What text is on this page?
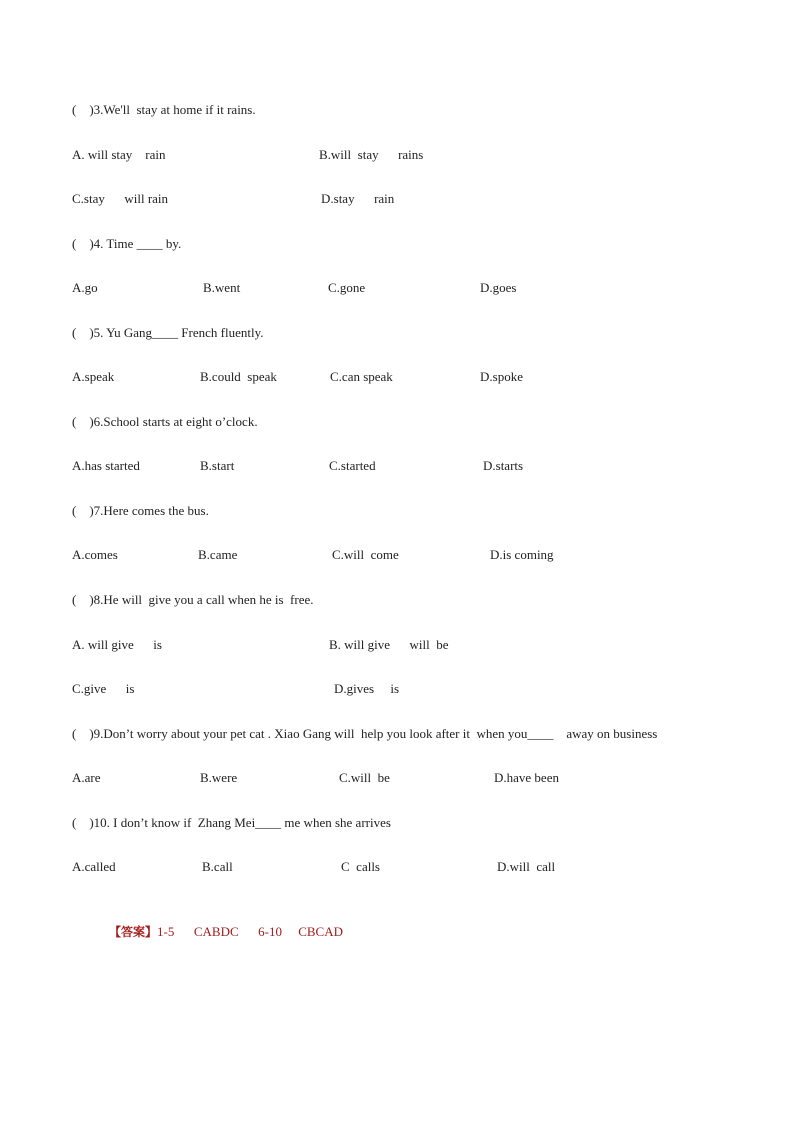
(    )3.We'll  stay at home if it rains.

A. will stay    rain

	B.will  stay      rains

C.stay      will rain

	D.stay      rain

(    )4. Time ____ by.

A.go

	B.went

	C.gone

	D.goes

(    )5. Yu Gang____ French fluently.

A.speak

	B.could  speak

	C.can speak

	D.spoke

(    )6.School starts at eight o’clock.

A.has started

	B.start

	C.started

	D.starts

(    )7.Here comes the bus.

A.comes

	B.came

	C.will  come

	D.is coming

(    )8.He will  give you a call when he is  free.

A. will give      is

	B. will give      will  be

C.give      is

	D.gives     is

(    )9.Don’t worry about your pet cat . Xiao Gang will  help you look after it  when you____    away on business

A.are

	B.were

	C.will  be

	D.have been

(    )10. I don’t know if  Zhang Mei____ me when she arrives

A.called

	B.call

	C  calls

	D.will  call

【答案】1-5      CABDC      6-10     CBCAD
